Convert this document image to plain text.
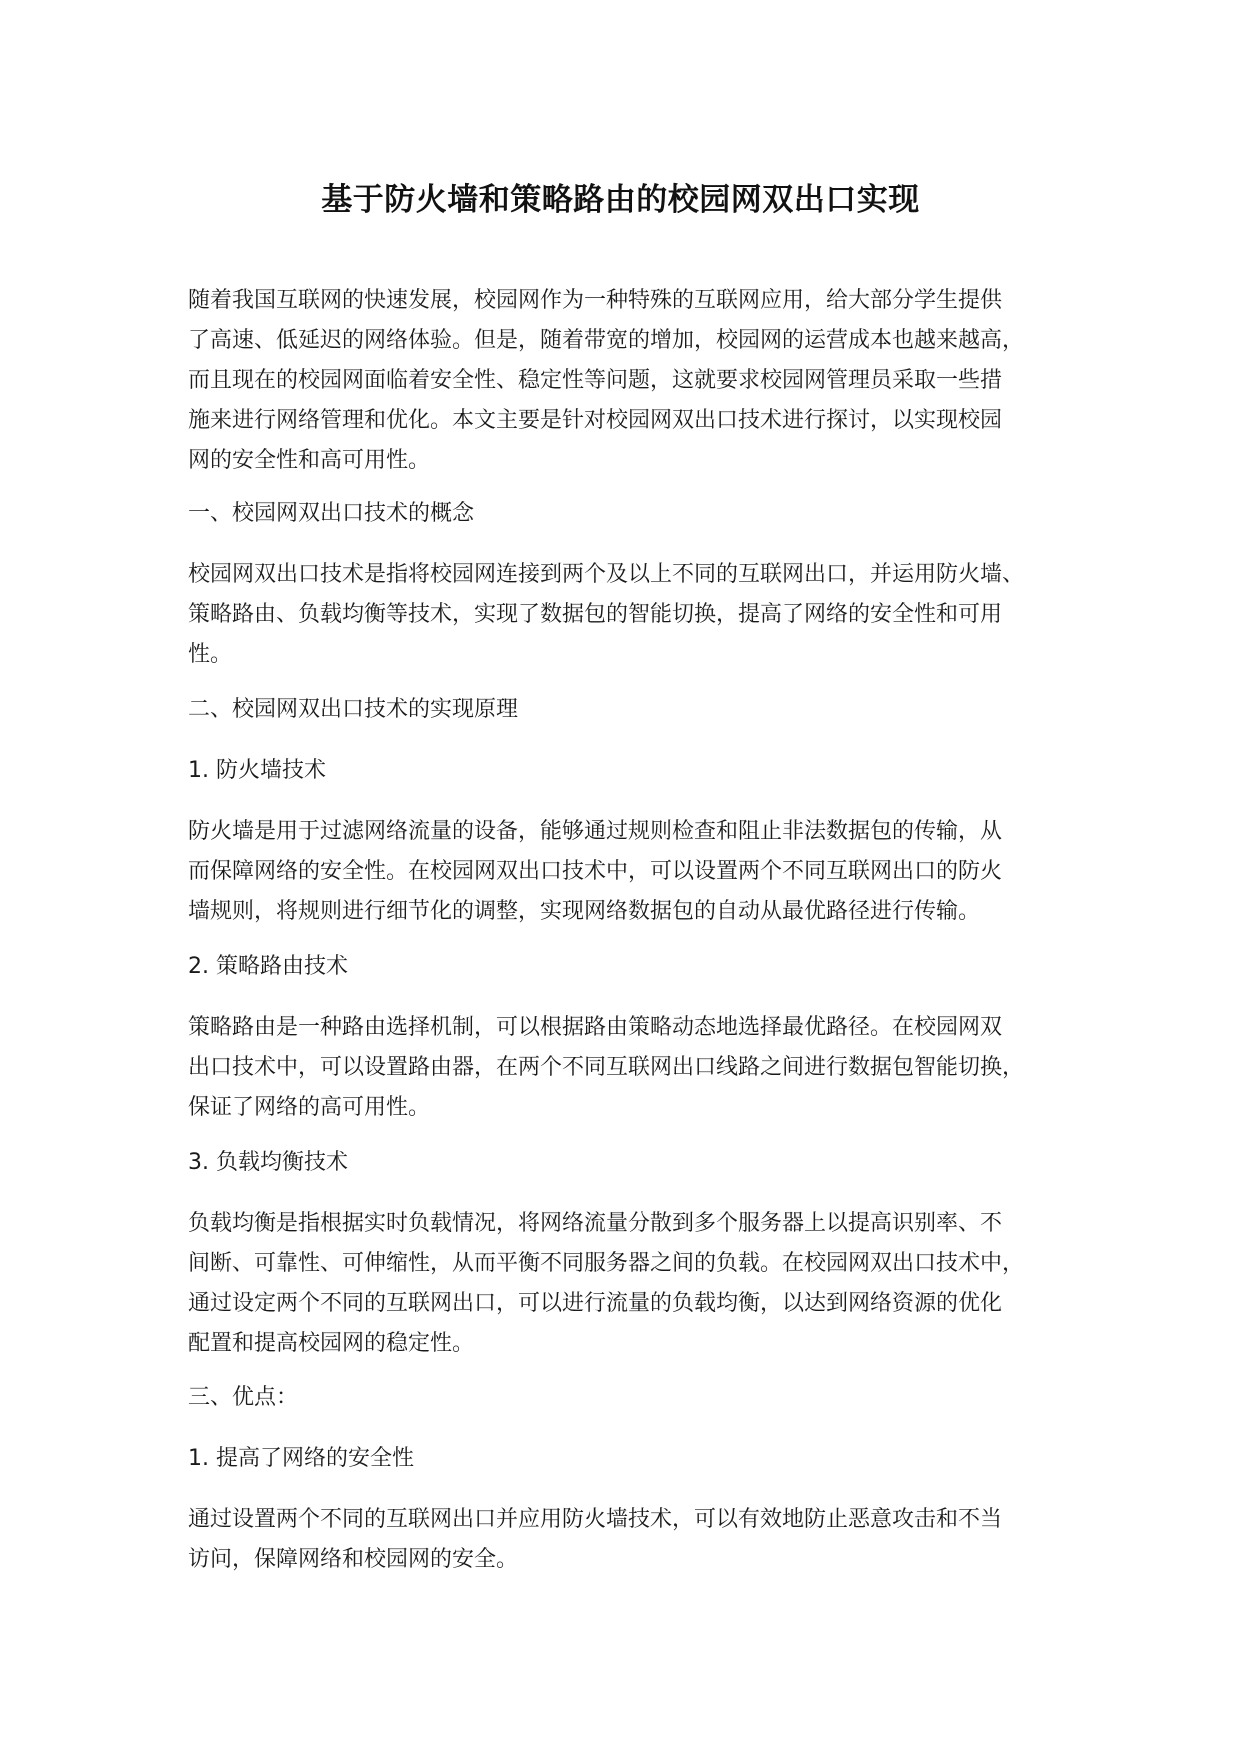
基于防火墙和策略路由的校园网双出口实现
随着我国互联网的快速发展，校园网作为一种特殊的互联网应用，给大部分学生提供
了高速、低延迟的网络体验。但是，随着带宽的增加，校园网的运营成本也越来越高，
而且现在的校园网面临着安全性、稳定性等问题，这就要求校园网管理员采取一些措
施来进行网络管理和优化。本文主要是针对校园网双出口技术进行探讨，以实现校园
网的安全性和高可用性。
一、校园网双出口技术的概念
校园网双出口技术是指将校园网连接到两个及以上不同的互联网出口，并运用防火墙、
策略路由、负载均衡等技术，实现了数据包的智能切换，提高了网络的安全性和可用
性。
二、校园网双出口技术的实现原理
1. 防火墙技术
防火墙是用于过滤网络流量的设备，能够通过规则检查和阻止非法数据包的传输，从
而保障网络的安全性。在校园网双出口技术中，可以设置两个不同互联网出口的防火
墙规则，将规则进行细节化的调整，实现网络数据包的自动从最优路径进行传输。
2. 策略路由技术
策略路由是一种路由选择机制，可以根据路由策略动态地选择最优路径。在校园网双
出口技术中，可以设置路由器，在两个不同互联网出口线路之间进行数据包智能切换，
保证了网络的高可用性。
3. 负载均衡技术
负载均衡是指根据实时负载情况，将网络流量分散到多个服务器上以提高识别率、不
间断、可靠性、可伸缩性，从而平衡不同服务器之间的负载。在校园网双出口技术中，
通过设定两个不同的互联网出口，可以进行流量的负载均衡，以达到网络资源的优化
配置和提高校园网的稳定性。
三、优点：
1. 提高了网络的安全性
通过设置两个不同的互联网出口并应用防火墙技术，可以有效地防止恶意攻击和不当
访问，保障网络和校园网的安全。
